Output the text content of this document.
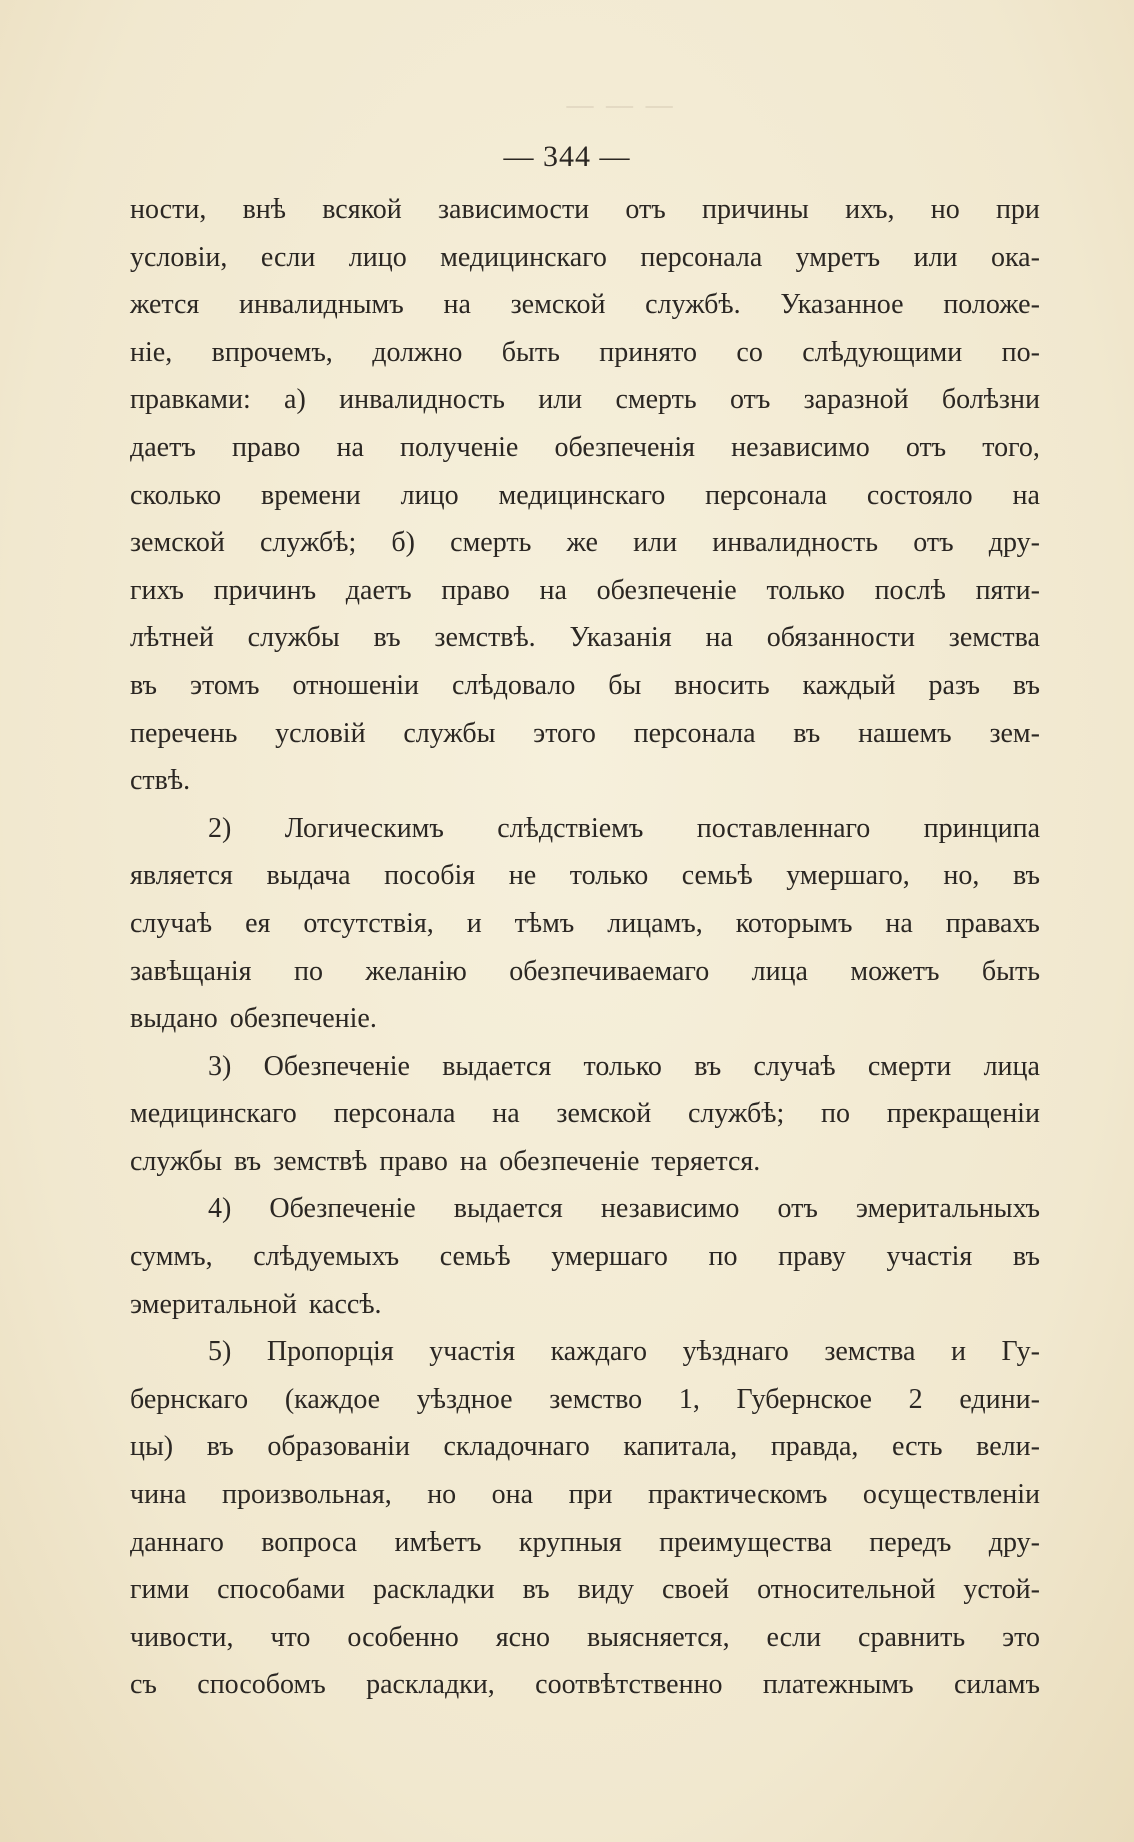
— — —
— 344 —
ности, внѣ всякой зависимости отъ причины ихъ, но при
условіи, если лицо медицинскаго персонала умретъ или ока-
жется инвалиднымъ на земской службѣ. Указанное положе-
ніе, впрочемъ, должно быть принято со слѣдующими по-
правками: а) инвалидность или смерть отъ заразной болѣзни
даетъ право на полученіе обезпеченія независимо отъ того,
сколько времени лицо медицинскаго персонала состояло на
земской службѣ; б) смерть же или инвалидность отъ дру-
гихъ причинъ даетъ право на обезпеченіе только послѣ пяти-
лѣтней службы въ земствѣ. Указанія на обязанности земства
въ этомъ отношеніи слѣдовало бы вносить каждый разъ въ
перечень условій службы этого персонала въ нашемъ зем-
ствѣ.
2) Логическимъ слѣдствіемъ поставленнаго принципа
является выдача пособія не только семьѣ умершаго, но, въ
случаѣ ея отсутствія, и тѣмъ лицамъ, которымъ на правахъ
завѣщанія по желанію обезпечиваемаго лица можетъ быть
выдано обезпеченіе.
3) Обезпеченіе выдается только въ случаѣ смерти лица
медицинскаго персонала на земской службѣ; по прекращеніи
службы въ земствѣ право на обезпеченіе теряется.
4) Обезпеченіе выдается независимо отъ эмеритальныхъ
суммъ, слѣдуемыхъ семьѣ умершаго по праву участія въ
эмеритальной кассѣ.
5) Пропорція участія каждаго уѣзднаго земства и Гу-
бернскаго (каждое уѣздное земство 1, Губернское 2 едини-
цы) въ образованіи складочнаго капитала, правда, есть вели-
чина произвольная, но она при практическомъ осуществленіи
даннаго вопроса имѣетъ крупныя преимущества передъ дру-
гими способами раскладки въ виду своей относительной устой-
чивости, что особенно ясно выясняется, если сравнить это
съ способомъ раскладки, соотвѣтственно платежнымъ силамъ
